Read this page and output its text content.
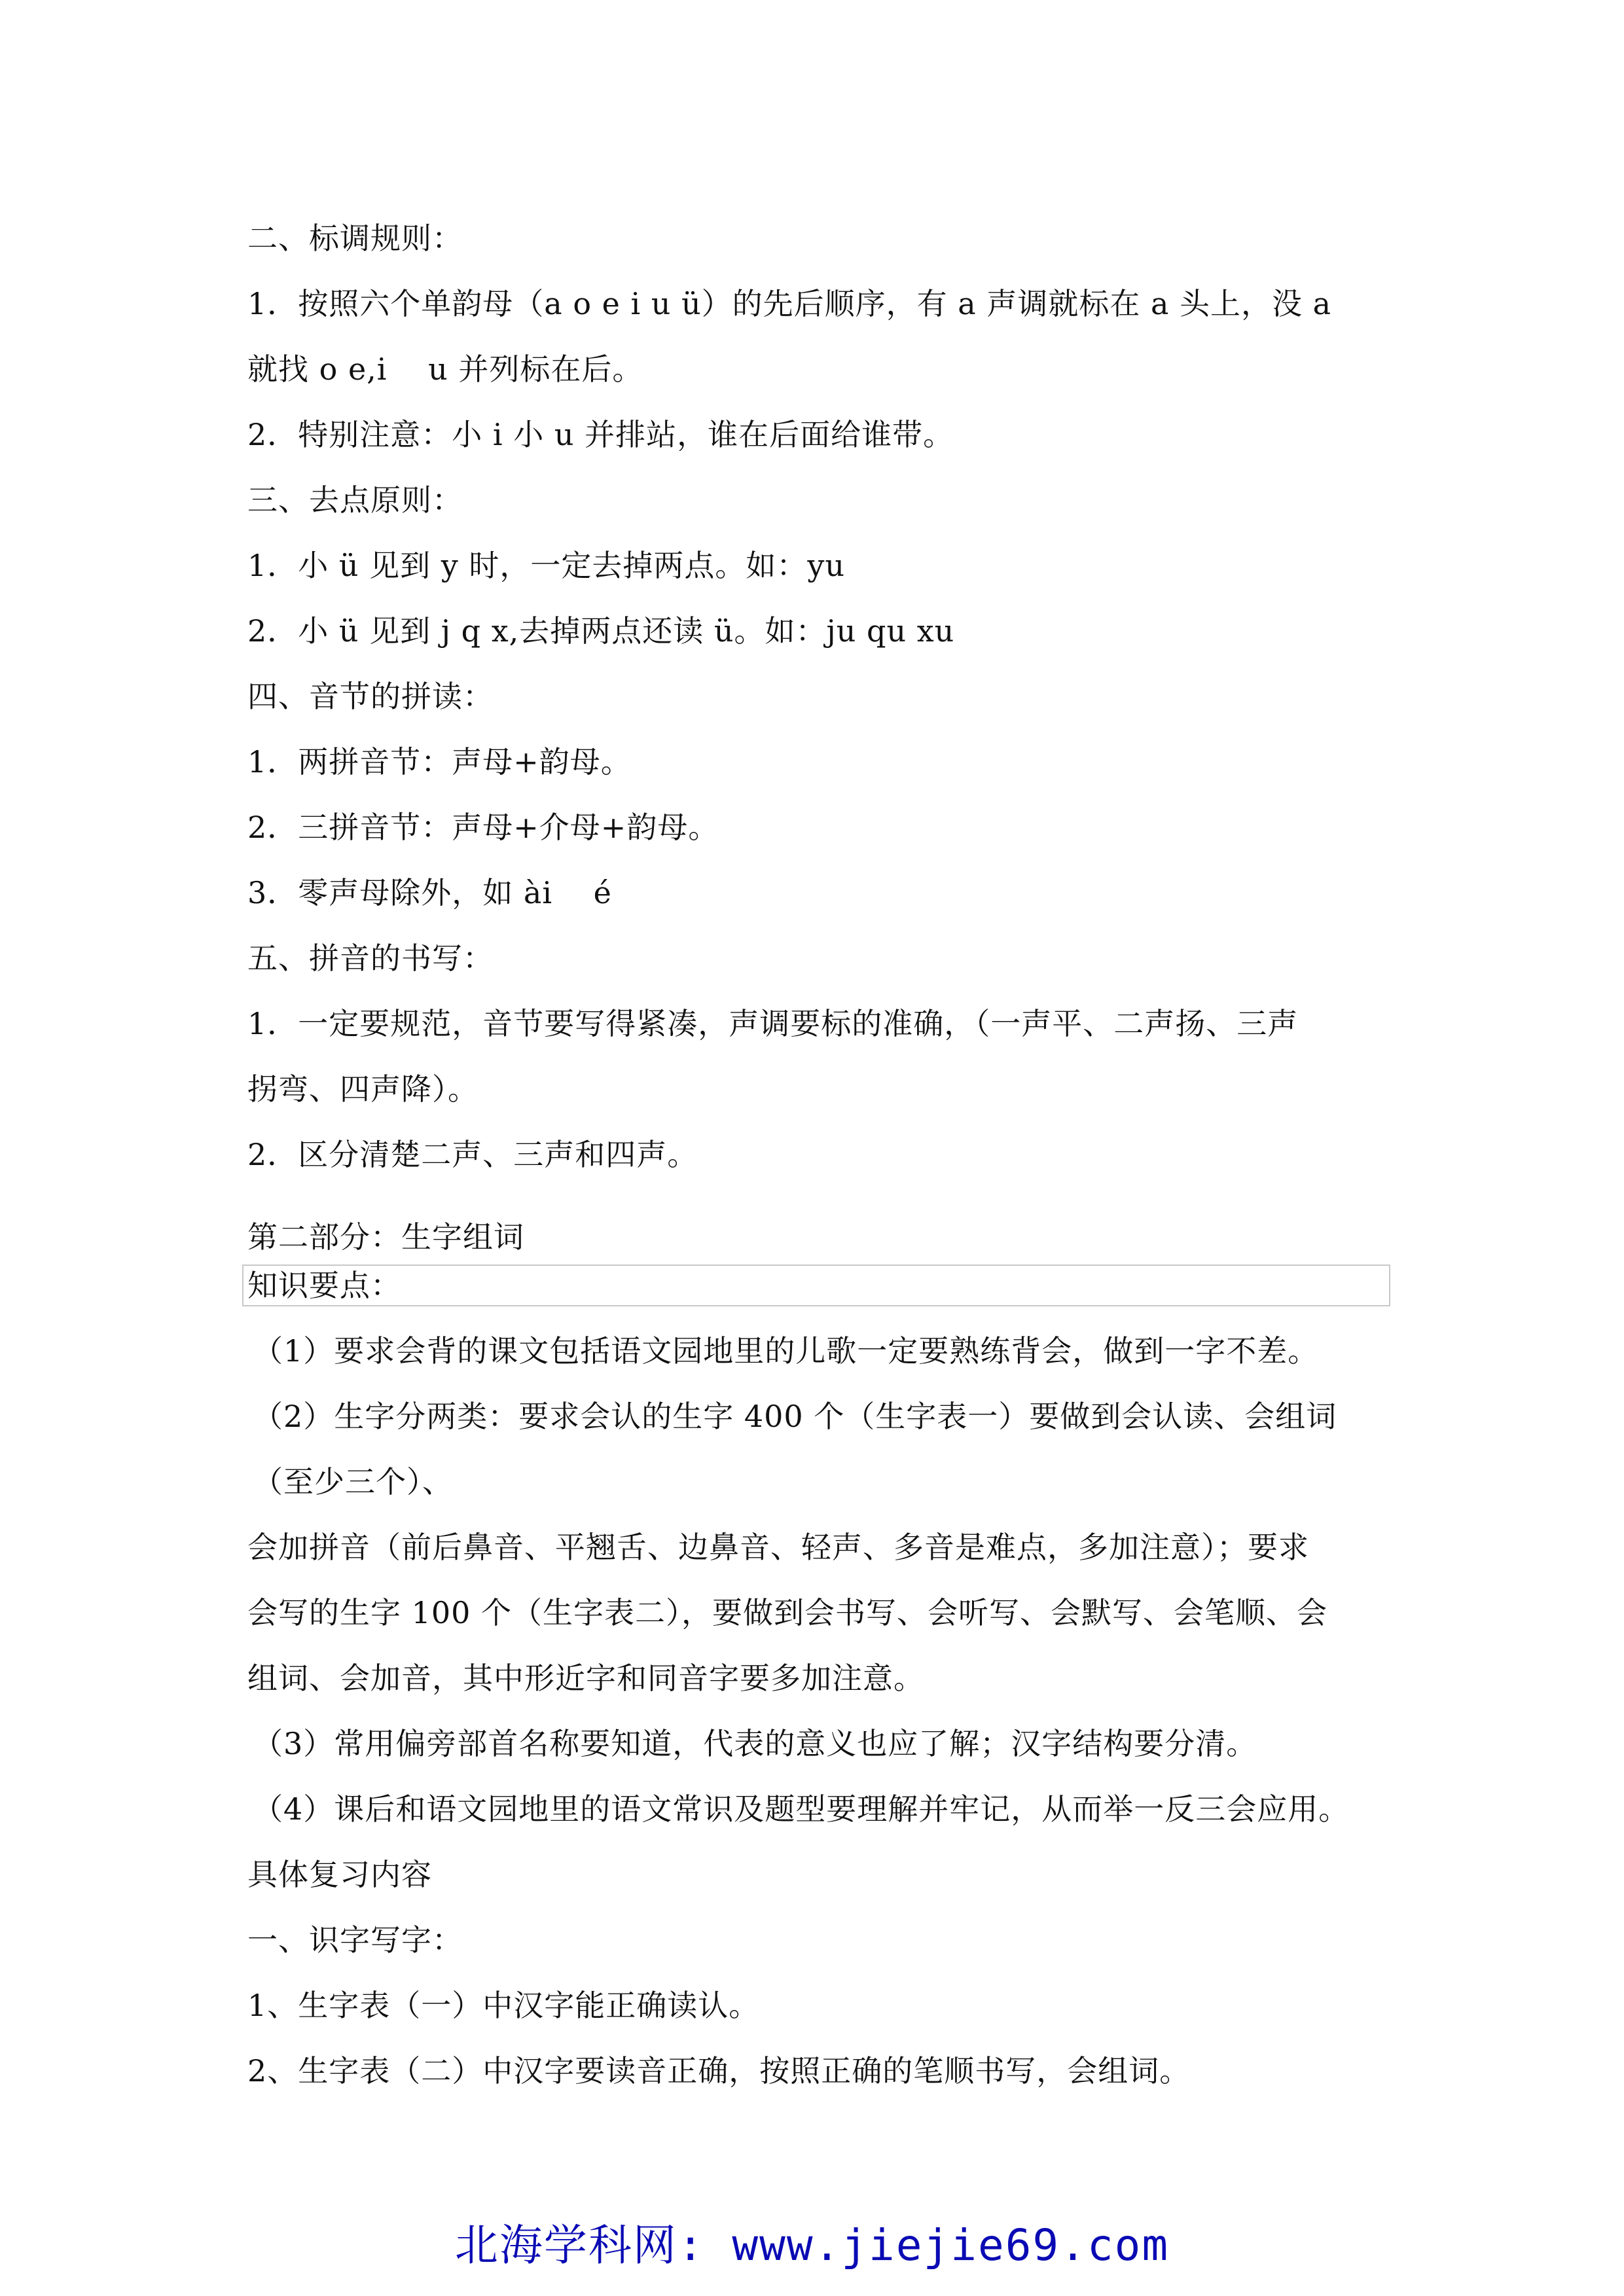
二、标调规则：
1．按照六个单韵母（a o e i u ü）的先后顺序，有 a 声调就标在 a 头上，没 a
就找 o e,i　 u 并列标在后。
2．特别注意：小 i 小 u 并排站，谁在后面给谁带。
三、去点原则：
1．小 ü 见到 y 时，一定去掉两点。如：yu
2．小 ü 见到 j q x,去掉两点还读 ü。如：ju qu xu
四、音节的拼读：
1．两拼音节：声母+韵母。
2．三拼音节：声母+介母+韵母。
3．零声母除外，如 ài　 é
五、拼音的书写：
1．一定要规范，音节要写得紧凑，声调要标的准确，（一声平、二声扬、三声
拐弯、四声降）。
2．区分清楚二声、三声和四声。
第二部分：生字组词
知识要点：
（1）要求会背的课文包括语文园地里的儿歌一定要熟练背会，做到一字不差。
（2）生字分两类：要求会认的生字 400 个（生字表一）要做到会认读、会组词
（至少三个）、
会加拼音（前后鼻音、平翘舌、边鼻音、轻声、多音是难点，多加注意）；要求
会写的生字 100 个（生字表二），要做到会书写、会听写、会默写、会笔顺、会
组词、会加音，其中形近字和同音字要多加注意。
（3）常用偏旁部首名称要知道，代表的意义也应了解；汉字结构要分清。
（4）课后和语文园地里的语文常识及题型要理解并牢记，从而举一反三会应用。
具体复习内容
一、识字写字：
1、生字表（一）中汉字能正确读认。
2、生字表（二）中汉字要读音正确，按照正确的笔顺书写，会组词。
北海学科网: www.jiejie69.com
